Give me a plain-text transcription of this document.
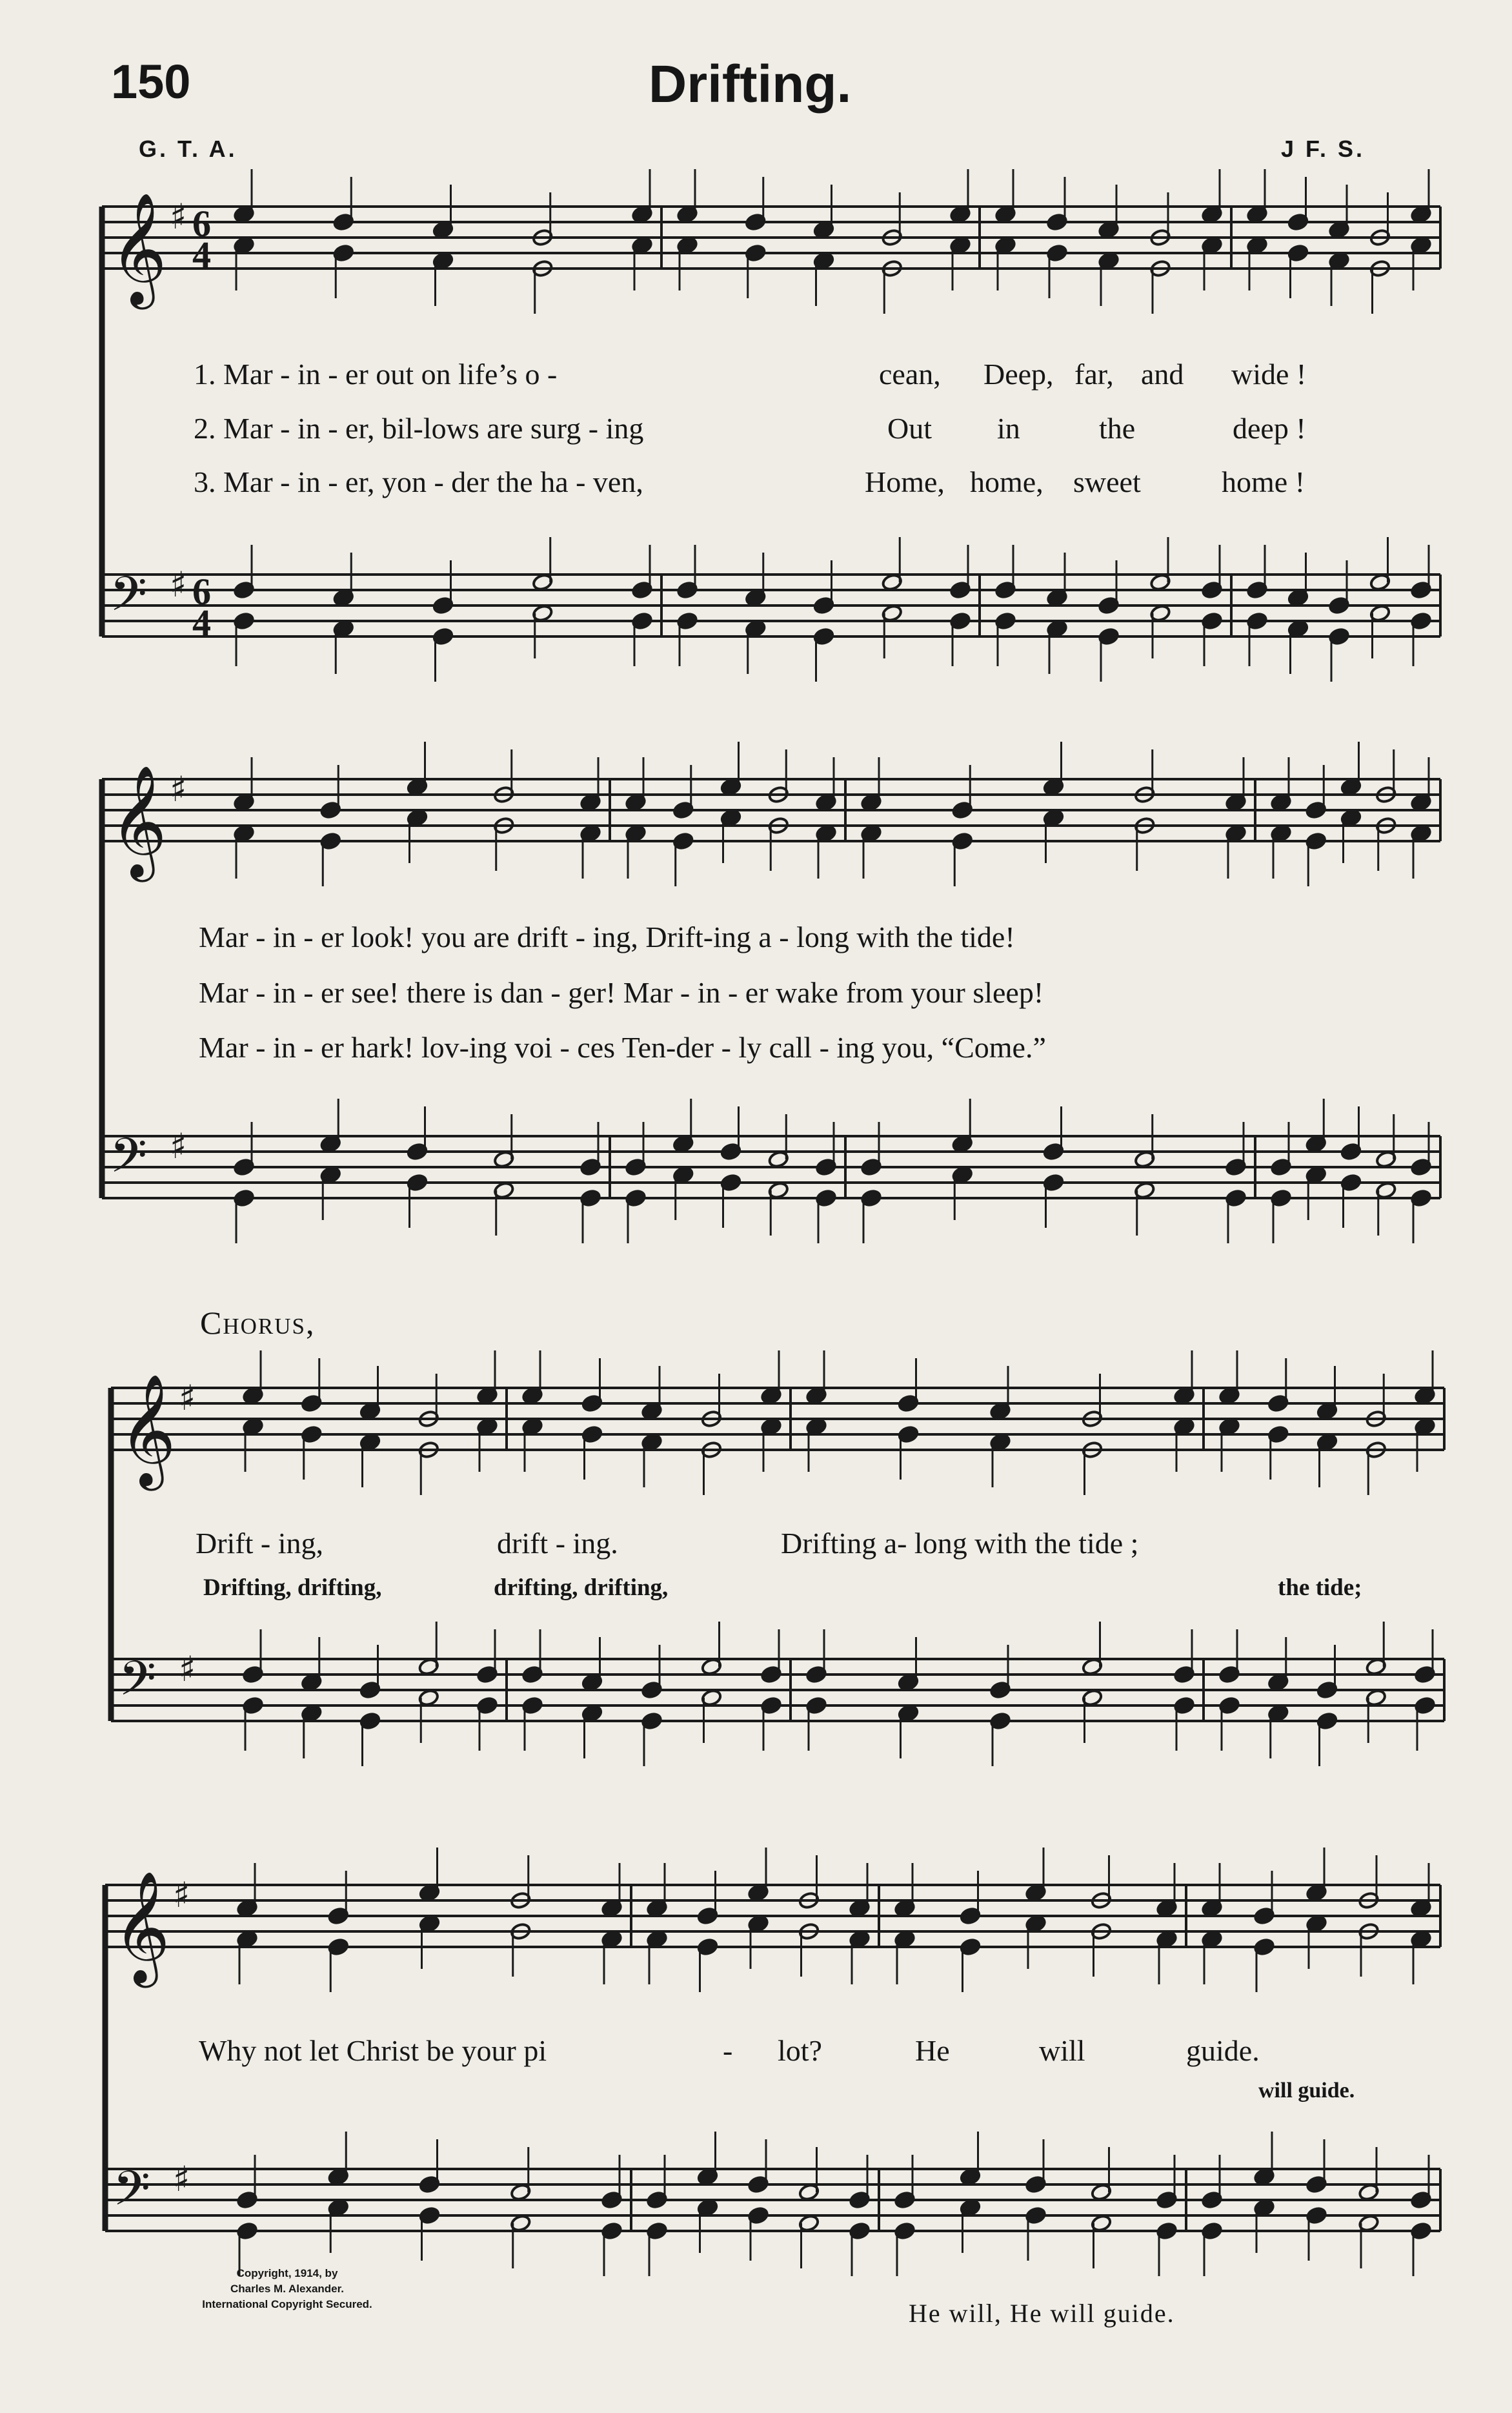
150	Drifting.
G. T. A.	J F. S.
𝄞 ♯ 6
4
𝄢 ♯ 6
4
𝄞 ♯
𝄢 ♯
𝄞 ♯
𝄢 ♯
𝄞 ♯
𝄢 ♯
1. Mar - in - er out on life’s o -	cean, Deep, far, and wide !
2. Mar - in - er, bil-lows are surg - ing	Out in	the	deep !
3. Mar - in - er, yon - der the ha - ven,	Home, home, sweet	home !
Mar - in - er look! you are drift - ing, Drift-ing a - long with the tide!
Mar - in - er see! there is dan - ger! Mar - in - er wake from your sleep!
Mar - in - er hark! lov-ing voi - ces Ten-der - ly call - ing you, “Come.”
Chorus,
Drift - ing,	drift - ing.	Drifting a- long with the tide ;
Drifting, drifting,	drifting, drifting,	the tide;
Why not let Christ be your pi	- lot?	He	will	guide.
will guide.
He will, He will guide.
Copyright, 1914, by
Charles M. Alexander.
International Copyright Secured.
